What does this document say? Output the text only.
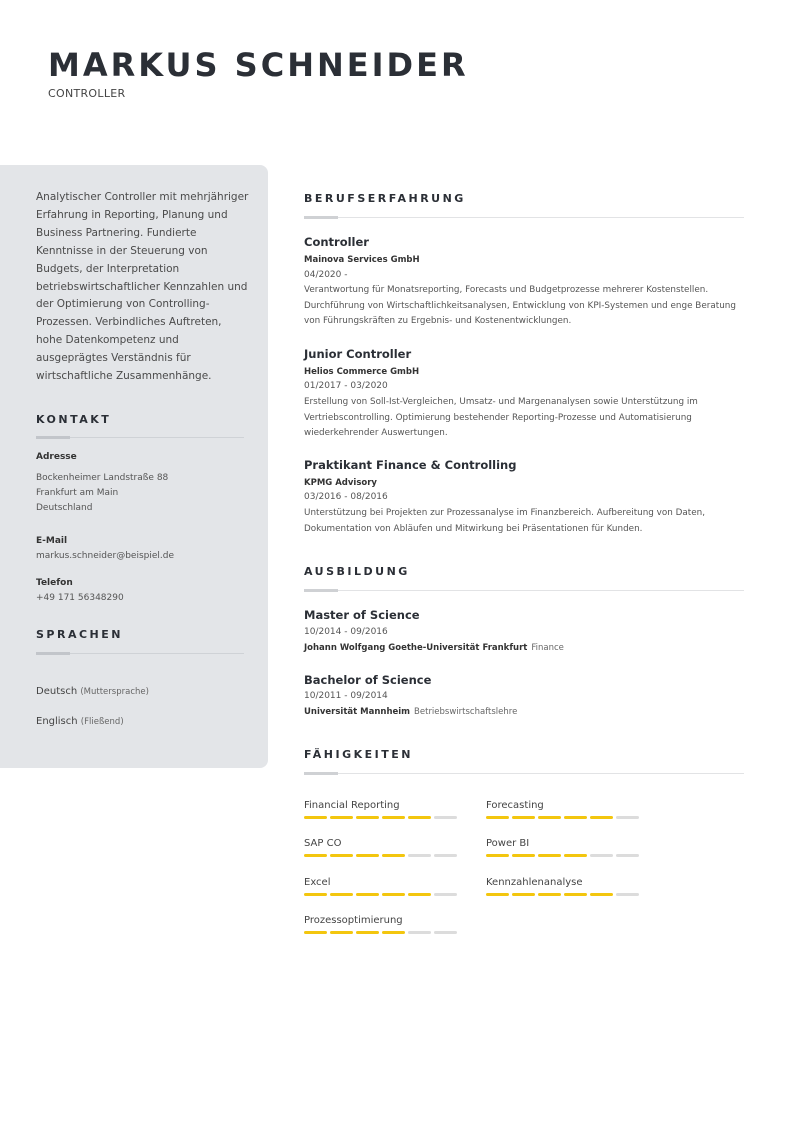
MARKUS SCHNEIDER
CONTROLLER

Analytischer Controller mit mehrjähriger Erfahrung in Reporting, Planung und Business Partnering. Fundierte Kenntnisse in der Steuerung von Budgets, der Interpretation betriebswirtschaftlicher Kennzahlen und der Optimierung von Controlling-Prozessen. Verbindliches Auftreten, hohe Datenkompetenz und ausgeprägtes Verständnis für wirtschaftliche Zusammenhänge.

KONTAKT
Adresse
Bockenheimer Landstraße 88
Frankfurt am Main
Deutschland
E-Mail
markus.schneider@beispiel.de
Telefon
+49 171 56348290
SPRACHEN
Deutsch (Muttersprache)
Englisch (Fließend)
BERUFSERFAHRUNG
Controller
Mainova Services GmbH
04/2020 -

Verantwortung für Monatsreporting, Forecasts und Budgetprozesse mehrerer Kostenstellen. Durchführung von Wirtschaftlichkeitsanalysen, Entwicklung von KPI-Systemen und enge Beratung von Führungskräften zu Ergebnis- und Kostenentwicklungen.

Junior Controller
Helios Commerce GmbH
01/2017 - 03/2020

Erstellung von Soll-Ist-Vergleichen, Umsatz- und Margenanalysen sowie Unterstützung im Vertriebscontrolling. Optimierung bestehender Reporting-Prozesse und Automatisierung wiederkehrender Auswertungen.

Praktikant Finance & Controlling
KPMG Advisory
03/2016 - 08/2016

Unterstützung bei Projekten zur Prozessanalyse im Finanzbereich. Aufbereitung von Daten, Dokumentation von Abläufen und Mitwirkung bei Präsentationen für Kunden.

AUSBILDUNG
Master of Science
10/2014 - 09/2016
Johann Wolfgang Goethe-Universität Frankfurt Finance
Bachelor of Science
10/2011 - 09/2014
Universität Mannheim Betriebswirtschaftslehre
FÄHIGKEITEN
Financial Reporting	Forecasting
SAP CO	Power BI
Excel	Kennzahlenanalyse
Prozessoptimierung
